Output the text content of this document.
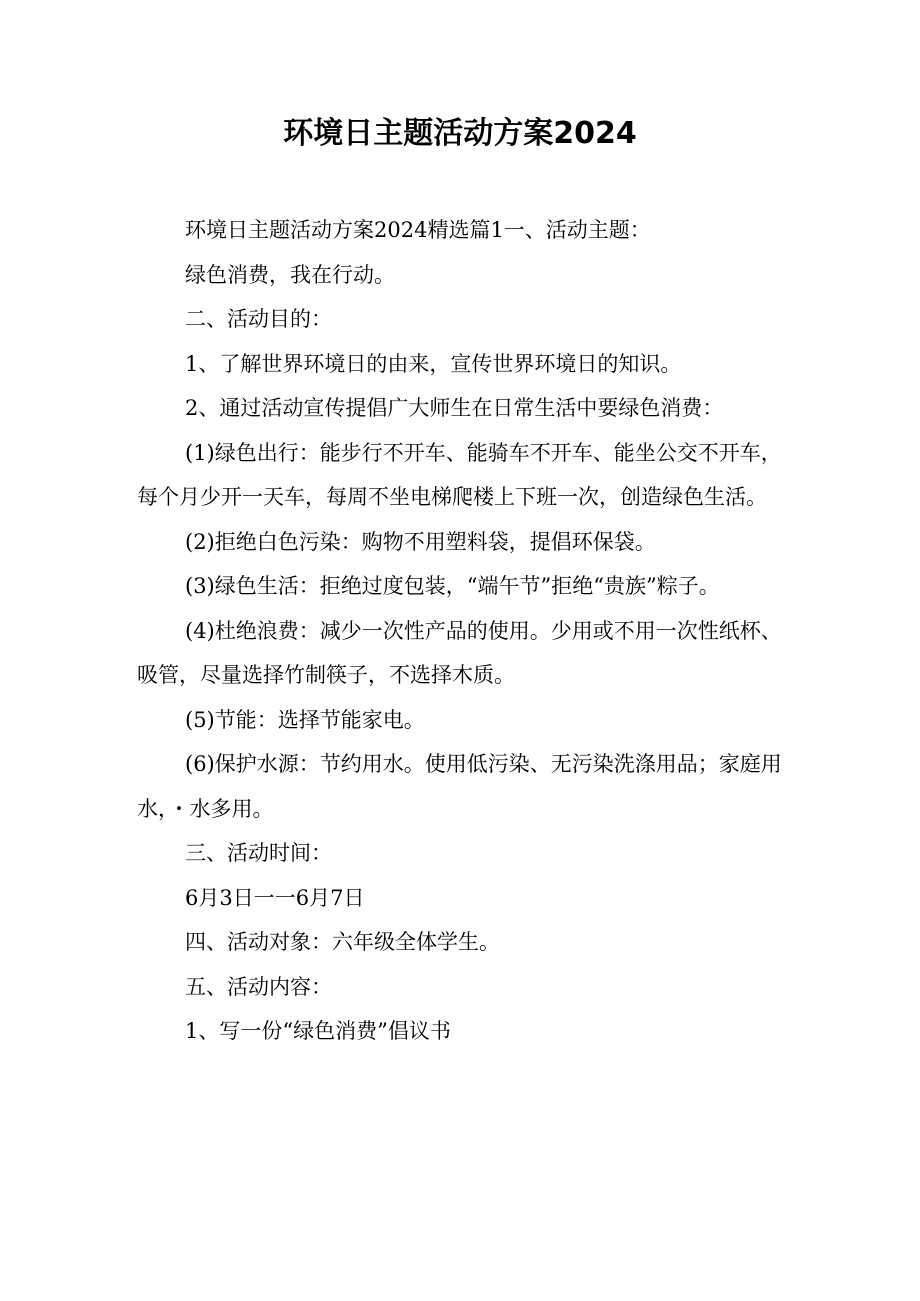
环境日主题活动方案2024

环境日主题活动方案2024精选篇1一、活动主题：

绿色消费，我在行动。

二、活动目的：

1、了解世界环境日的由来，宣传世界环境日的知识。

2、通过活动宣传提倡广大师生在日常生活中要绿色消费：

(1)绿色出行：能步行不开车、能骑车不开车、能坐公交不开车，每个月少开一天车，每周不坐电梯爬楼上下班一次，创造绿色生活。

(2)拒绝白色污染：购物不用塑料袋，提倡环保袋。

(3)绿色生活：拒绝过度包装，“端午节”拒绝“贵族”粽子。

(4)杜绝浪费：减少一次性产品的使用。少用或不用一次性纸杯、吸管，尽量选择竹制筷子，不选择木质。

(5)节能：选择节能家电。

(6)保护水源：节约用水。使用低污染、无污染洗涤用品；家庭用水，・水多用。

三、活动时间：

6月3日一一6月7日

四、活动对象：六年级全体学生。

五、活动内容：

1、写一份“绿色消费”倡议书
